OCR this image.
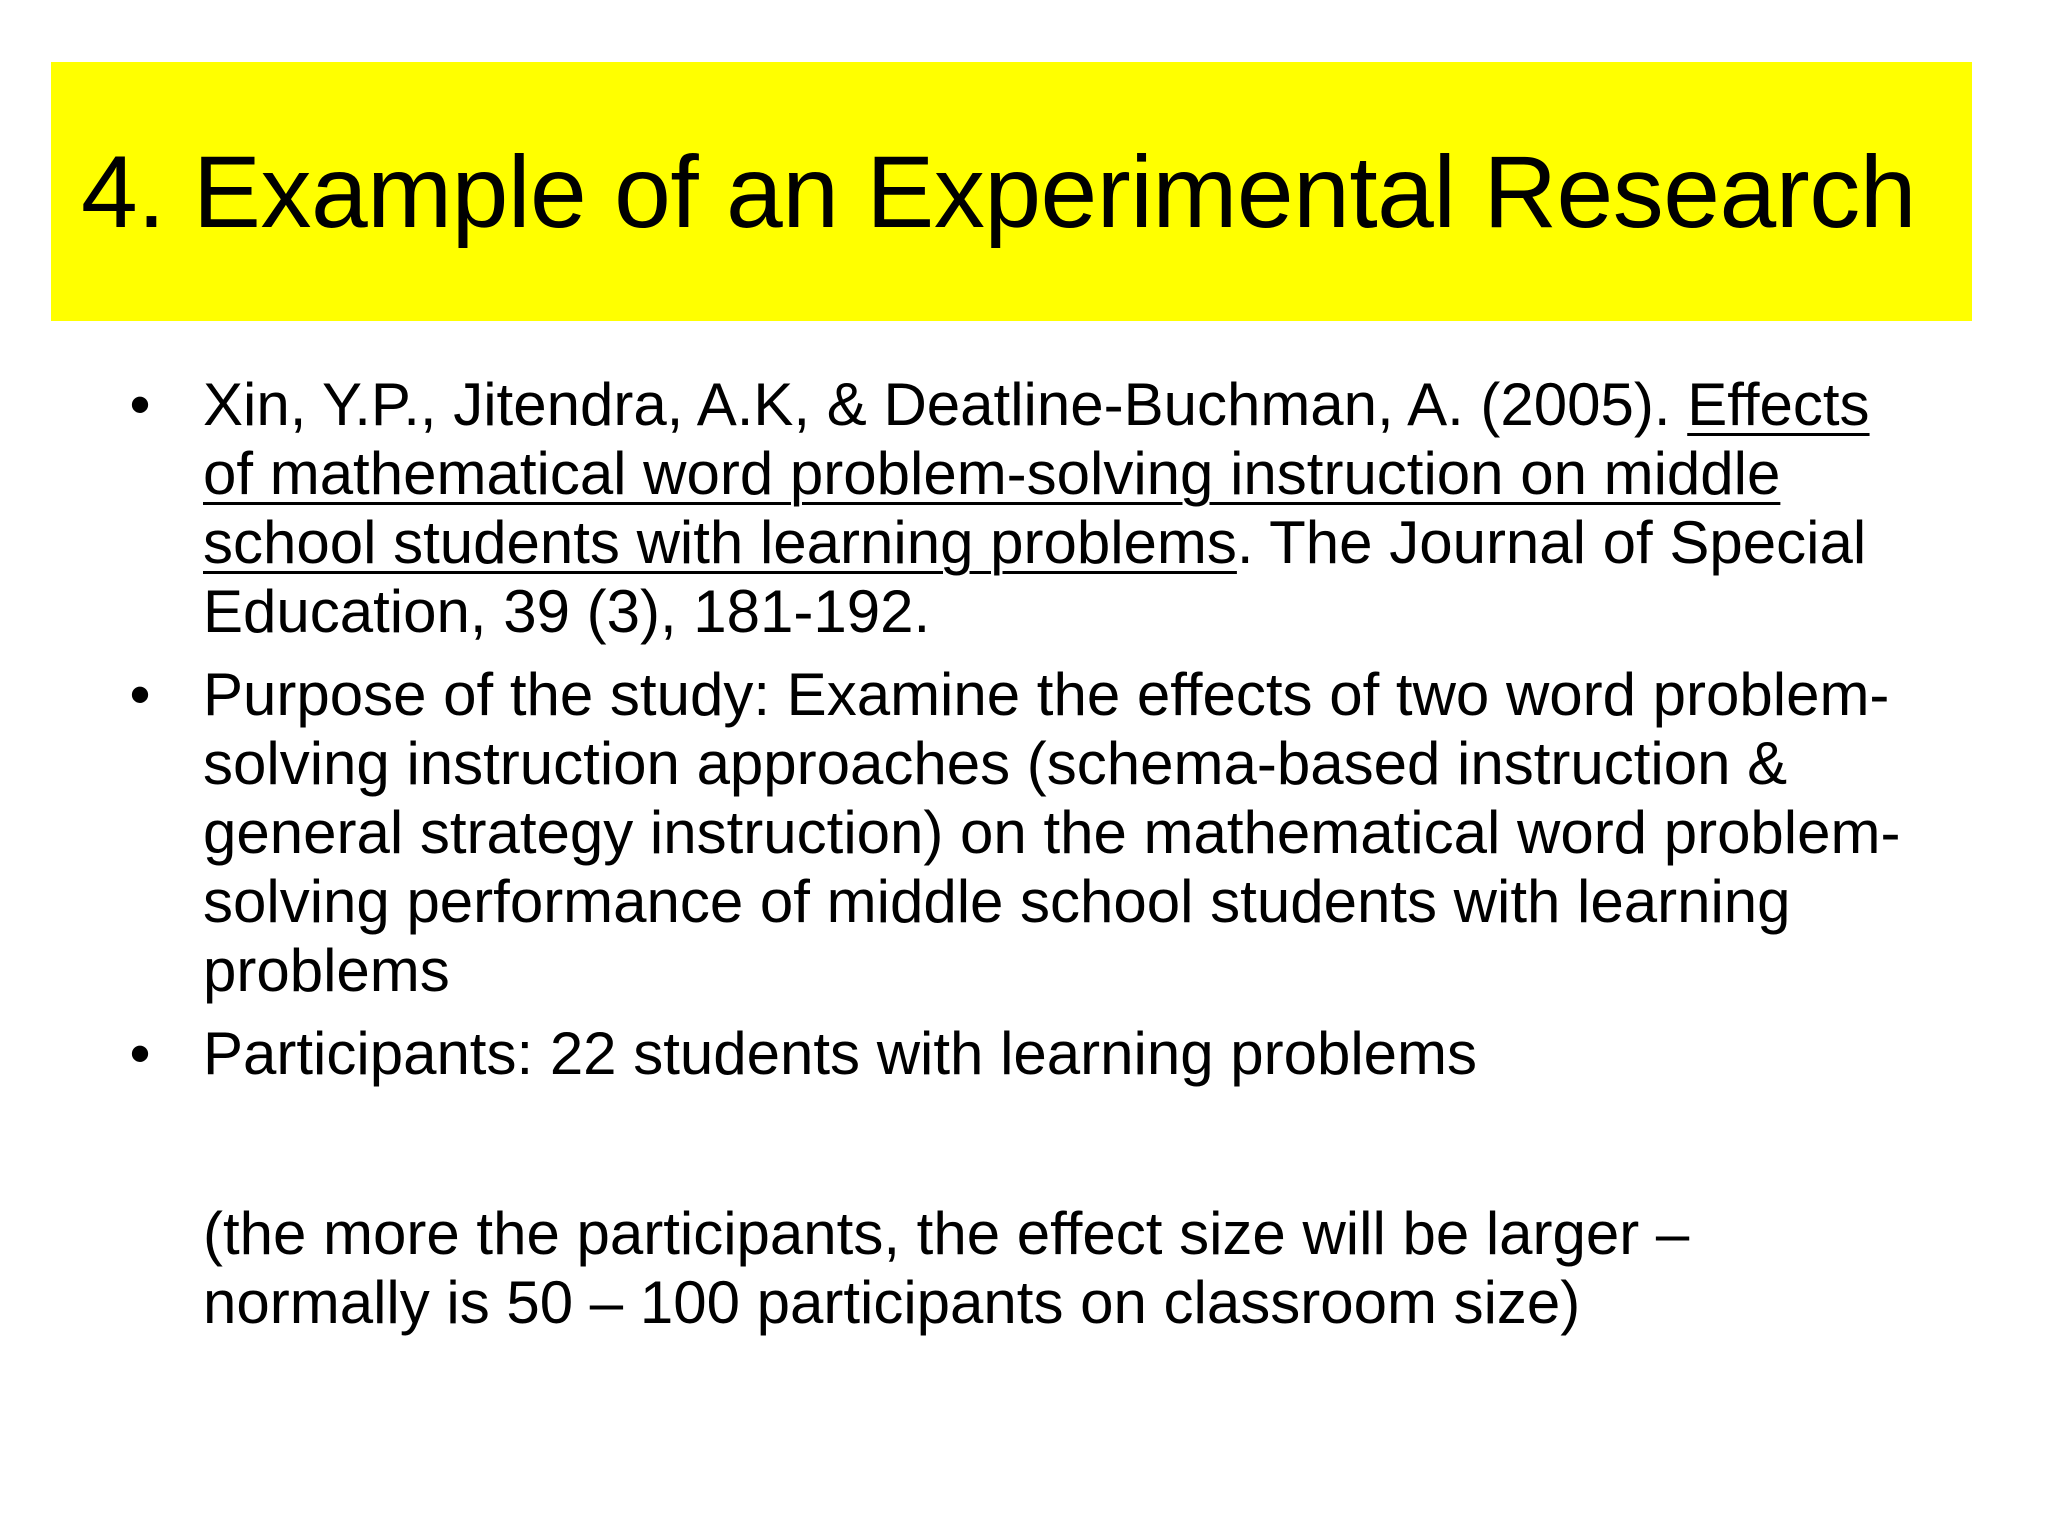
4. Example of an Experimental Research
• Xin, Y.P., Jitendra, A.K, & Deatline-Buchman, A. (2005). Effects of mathematical word problem-solving instruction on middle school students with learning problems. The Journal of Special Education, 39 (3), 181-192.
• Purpose of the study: Examine the effects of two word problem-solving instruction approaches (schema-based instruction & general strategy instruction) on the mathematical word problem-solving performance of middle school students with learning problems
• Participants: 22 students with learning problems

(the more the participants, the effect size will be larger – normally is 50 – 100 participants on classroom size)
